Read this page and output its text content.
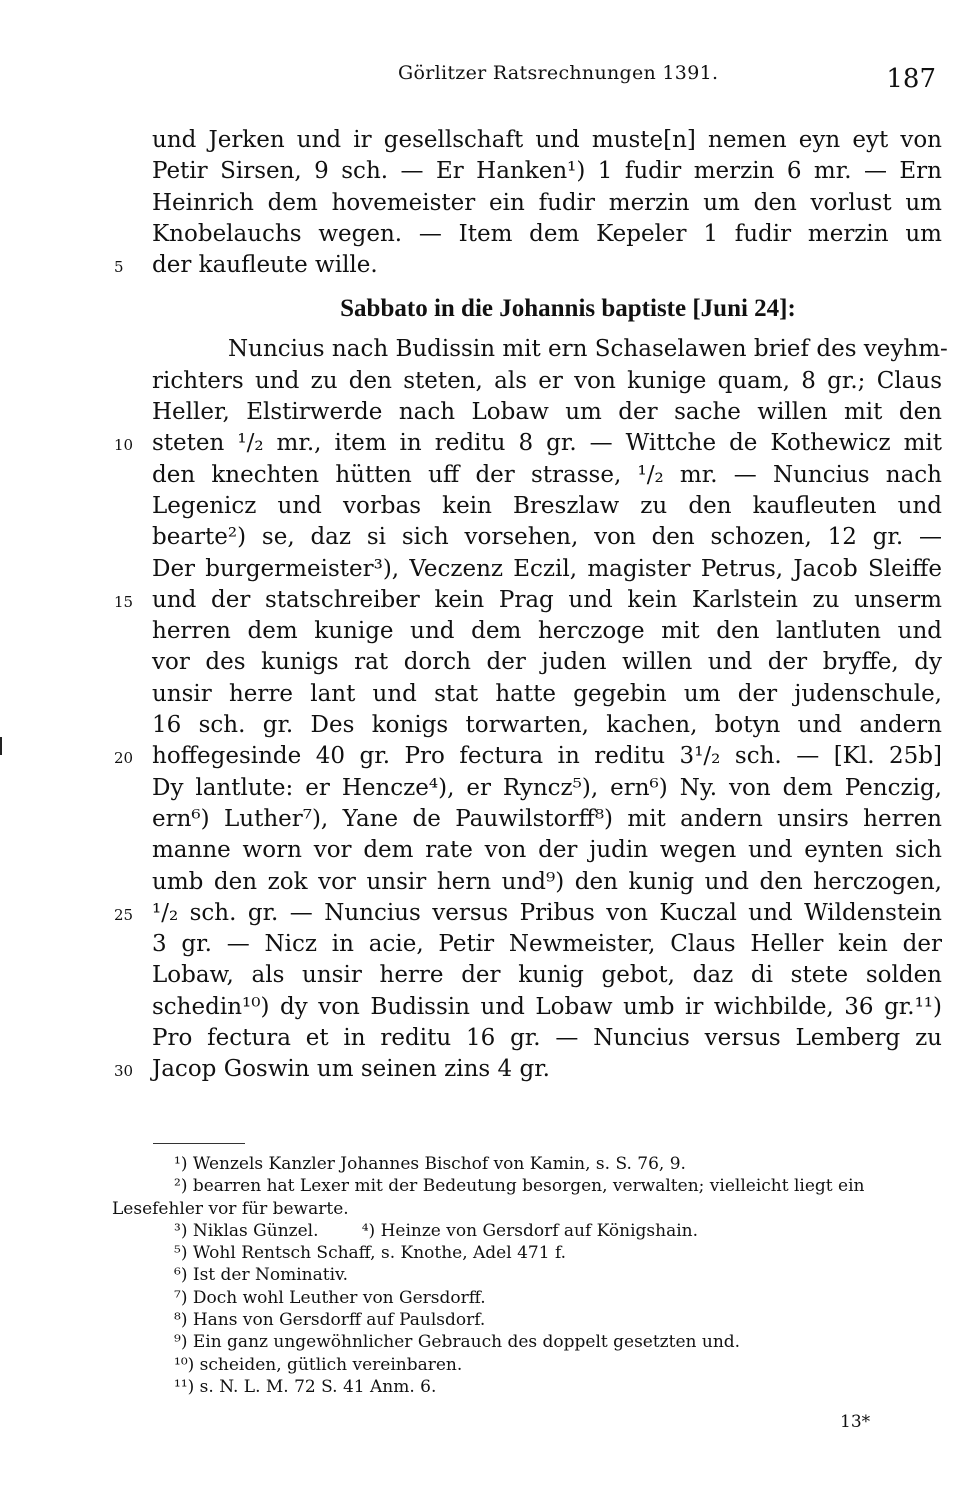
Görlitzer Ratsrechnungen 1391.	187
und Jerken und ir gesellschaft und muste[n] nemen eyn eyt von
Petir Sirsen, 9 sch. — Er Hanken¹) 1 fudir merzin 6 mr. — Ern
Heinrich dem hovemeister ein fudir merzin um den vorlust um
Knobelauchs wegen. — Item dem Kepeler 1 fudir merzin um
5 der kaufleute wille.
Sabbato in die Johannis baptiste [Juni 24]:
Nuncius nach Budissin mit ern Schaselawen brief des veyhm-
richters und zu den steten, als er von kunige quam, 8 gr.; Claus
Heller, Elstirwerde nach Lobaw um der sache willen mit den
10 steten ¹/₂ mr., item in reditu 8 gr. — Wittche de Kothewicz mit
den knechten hütten uff der strasse, ¹/₂ mr. — Nuncius nach
Legenicz und vorbas kein Breszlaw zu den kaufleuten und
bearte²) se, daz si sich vorsehen, von den schozen, 12 gr. —
Der burgermeister³), Veczenz Eczil, magister Petrus, Jacob Sleiffe
15 und der statschreiber kein Prag und kein Karlstein zu unserm
herren dem kunige und dem herczoge mit den lantluten und
vor des kunigs rat dorch der juden willen und der bryffe, dy
unsir herre lant und stat hatte gegebin um der judenschule,
16 sch. gr. Des konigs torwarten, kachen, botyn und andern
20 hoffegesinde 40 gr. Pro fectura in reditu 3¹/₂ sch. — [Kl. 25b]
Dy lantlute: er Hencze⁴), er Ryncz⁵), ern⁶) Ny. von dem Penczig,
ern⁶) Luther⁷), Yane de Pauwilstorff⁸) mit andern unsirs herren
manne worn vor dem rate von der judin wegen und eynten sich
umb den zok vor unsir hern und⁹) den kunig und den herczogen,
25 ¹/₂ sch. gr. — Nuncius versus Pribus von Kuczal und Wildenstein
3 gr. — Nicz in acie, Petir Newmeister, Claus Heller kein der
Lobaw, als unsir herre der kunig gebot, daz di stete solden
schedin¹⁰) dy von Budissin und Lobaw umb ir wichbilde, 36 gr.¹¹)
Pro fectura et in reditu 16 gr. — Nuncius versus Lemberg zu
30 Jacop Goswin um seinen zins 4 gr.
¹) Wenzels Kanzler Johannes Bischof von Kamin, s. S. 76, 9.
²) bearren hat Lexer mit der Bedeutung besorgen, verwalten; vielleicht liegt ein
Lesefehler vor für bewarte.
³) Niklas Günzel.        ⁴) Heinze von Gersdorf auf Königshain.
⁵) Wohl Rentsch Schaff, s. Knothe, Adel 471 f.
⁶) Ist der Nominativ.
⁷) Doch wohl Leuther von Gersdorff.
⁸) Hans von Gersdorff auf Paulsdorf.
⁹) Ein ganz ungewöhnlicher Gebrauch des doppelt gesetzten und.
¹⁰) scheiden, gütlich vereinbaren.
¹¹) s. N. L. M. 72 S. 41 Anm. 6.
13*
